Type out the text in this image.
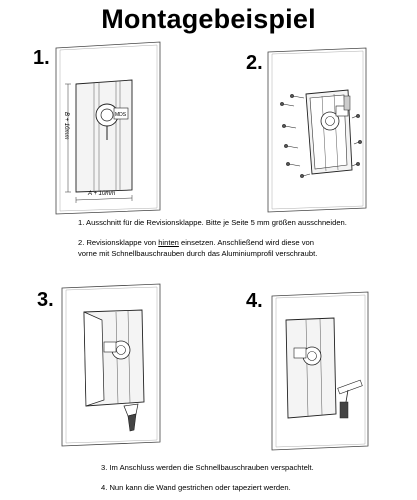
Montagebeispiel
1.	2.
3.	4.
MDS
B + 10mm
A + 10mm

1. Ausschnitt für die Revisionsklappe. Bitte je Seite 5 mm größen ausschneiden.

2. Revisionsklappe von hinten einsetzen. Anschließend wird diese von

vorne mit Schnellbauschrauben durch das Aluminiumprofil verschraubt.

3. Im Anschluss werden die Schnellbauschrauben verspachtelt.

4. Nun kann die Wand gestrichen oder tapeziert werden.
